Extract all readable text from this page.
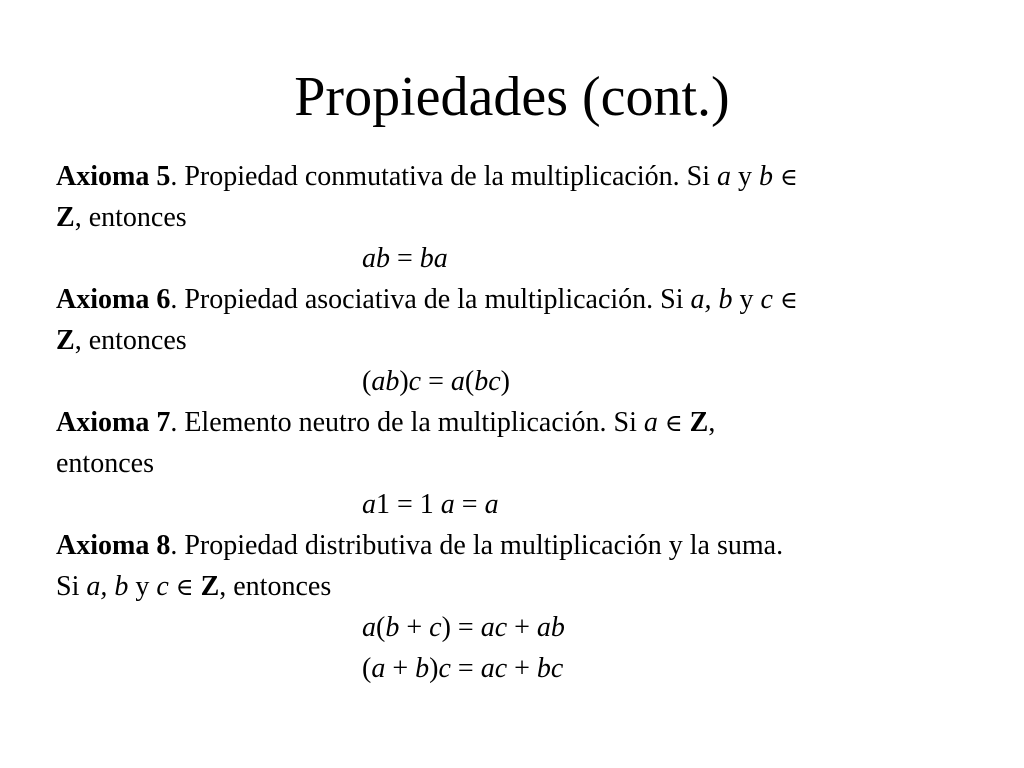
Propiedades (cont.)
Axioma 5. Propiedad conmutativa de la multiplicación. Si a y b ∈
Z, entonces
ab = ba
Axioma 6. Propiedad asociativa de la multiplicación. Si a, b y c ∈
Z, entonces
(ab)c = a(bc)
Axioma 7. Elemento neutro de la multiplicación. Si a ∈ Z,
entonces
a1 = 1 a = a
Axioma 8. Propiedad distributiva de la multiplicación y la suma.
Si a, b y c ∈ Z, entonces
a(b + c) = ac + ab
(a + b)c = ac + bc
